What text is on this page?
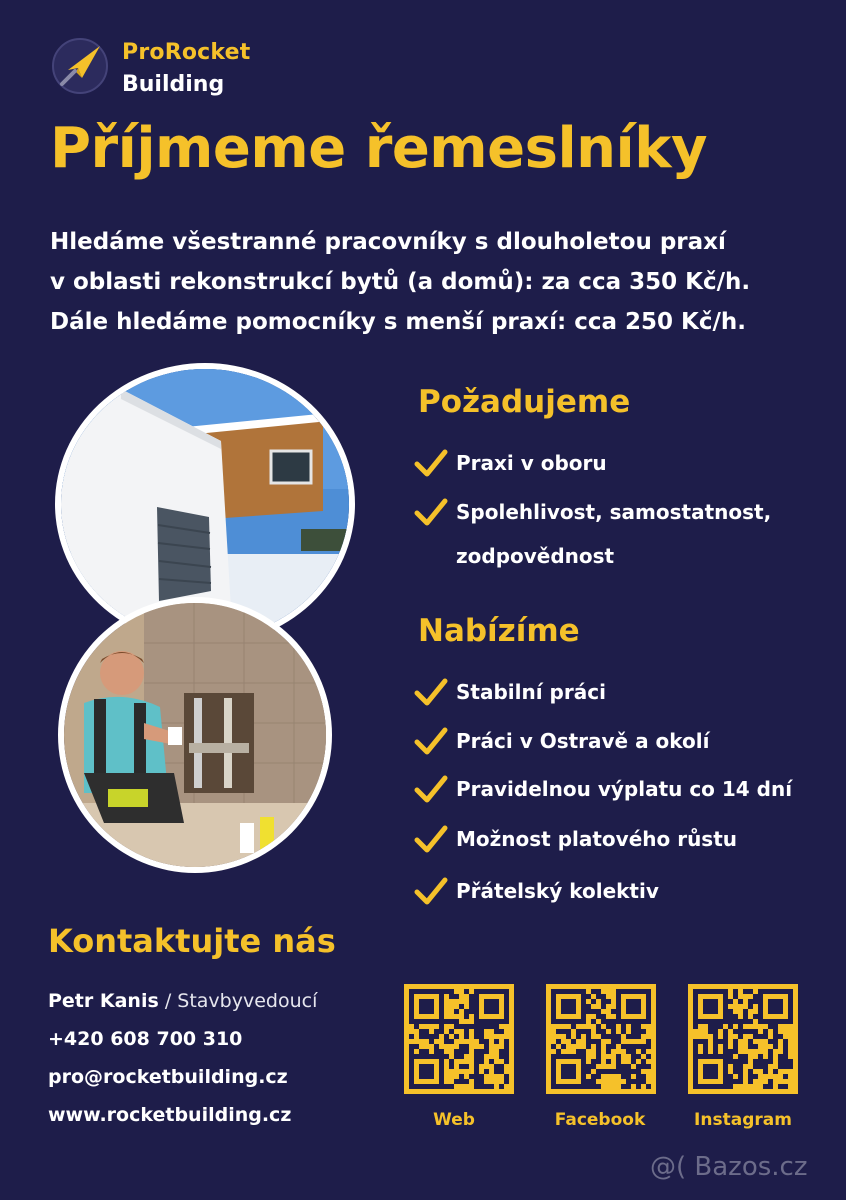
ProRocket
Building
Příjmeme řemeslníky
Hledáme všestranné pracovníky s dlouholetou praxí
v oblasti rekonstrukcí bytů (a domů): za cca 350 Kč/h.
Dále hledáme pomocníky s menší praxí: cca 250 Kč/h.
Požadujeme
Praxi v oboru
Spolehlivost, samostatnost,
zodpovědnost
Nabízíme
Stabilní práci
Práci v Ostravě a okolí
Pravidelnou výplatu co 14 dní
Možnost platového růstu
Přátelský kolektiv
Kontaktujte nás
Petr Kanis / Stavbyvedoucí
+420 608 700 310
pro@rocketbuilding.cz
www.rocketbuilding.cz	Web	Facebook	Instagram
@( Bazos.cz
